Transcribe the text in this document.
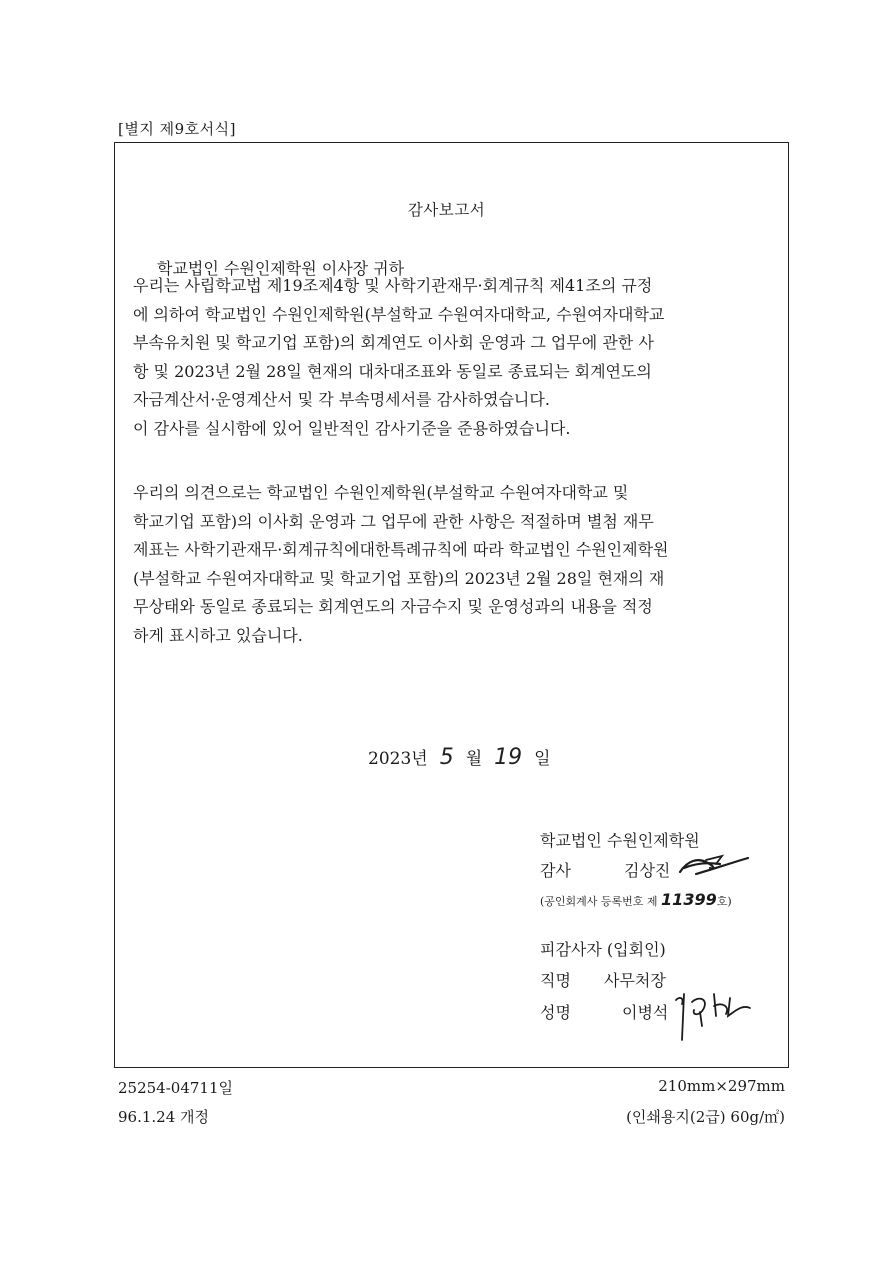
[별지 제9호서식]
감사보고서
학교법인 수원인제학원 이사장 귀하
우리는 사립학교법 제19조제4항 및 사학기관재무·회계규칙 제41조의 규정
에 의하여 학교법인 수원인제학원(부설학교 수원여자대학교, 수원여자대학교
부속유치원 및 학교기업 포함)의 회계연도 이사회 운영과 그 업무에 관한 사
항 및 2023년 2월 28일 현재의 대차대조표와 동일로 종료되는 회계연도의
자금계산서·운영계산서 및 각 부속명세서를 감사하였습니다.
이 감사를 실시함에 있어 일반적인 감사기준을 준용하였습니다.
우리의 의견으로는 학교법인 수원인제학원(부설학교 수원여자대학교 및
학교기업 포함)의 이사회 운영과 그 업무에 관한 사항은 적절하며 별첨 재무
제표는 사학기관재무·회계규칙에대한특례규칙에 따라 학교법인 수원인제학원
(부설학교 수원여자대학교 및 학교기업 포함)의 2023년 2월 28일 현재의 재
무상태와 동일로 종료되는 회계연도의 자금수지 및 운영성과의 내용을 적정
하게 표시하고 있습니다.
2023년 5 월 19 일
학교법인 수원인제학원
감사	김상진
(공인회계사 등록번호 제 11399호)
피감사자 (입회인)
직명 사무처장
성명	이병석
25254-04711일
96.1.24 개정
210mm×297mm
(인쇄용지(2급) 60g/㎡)
